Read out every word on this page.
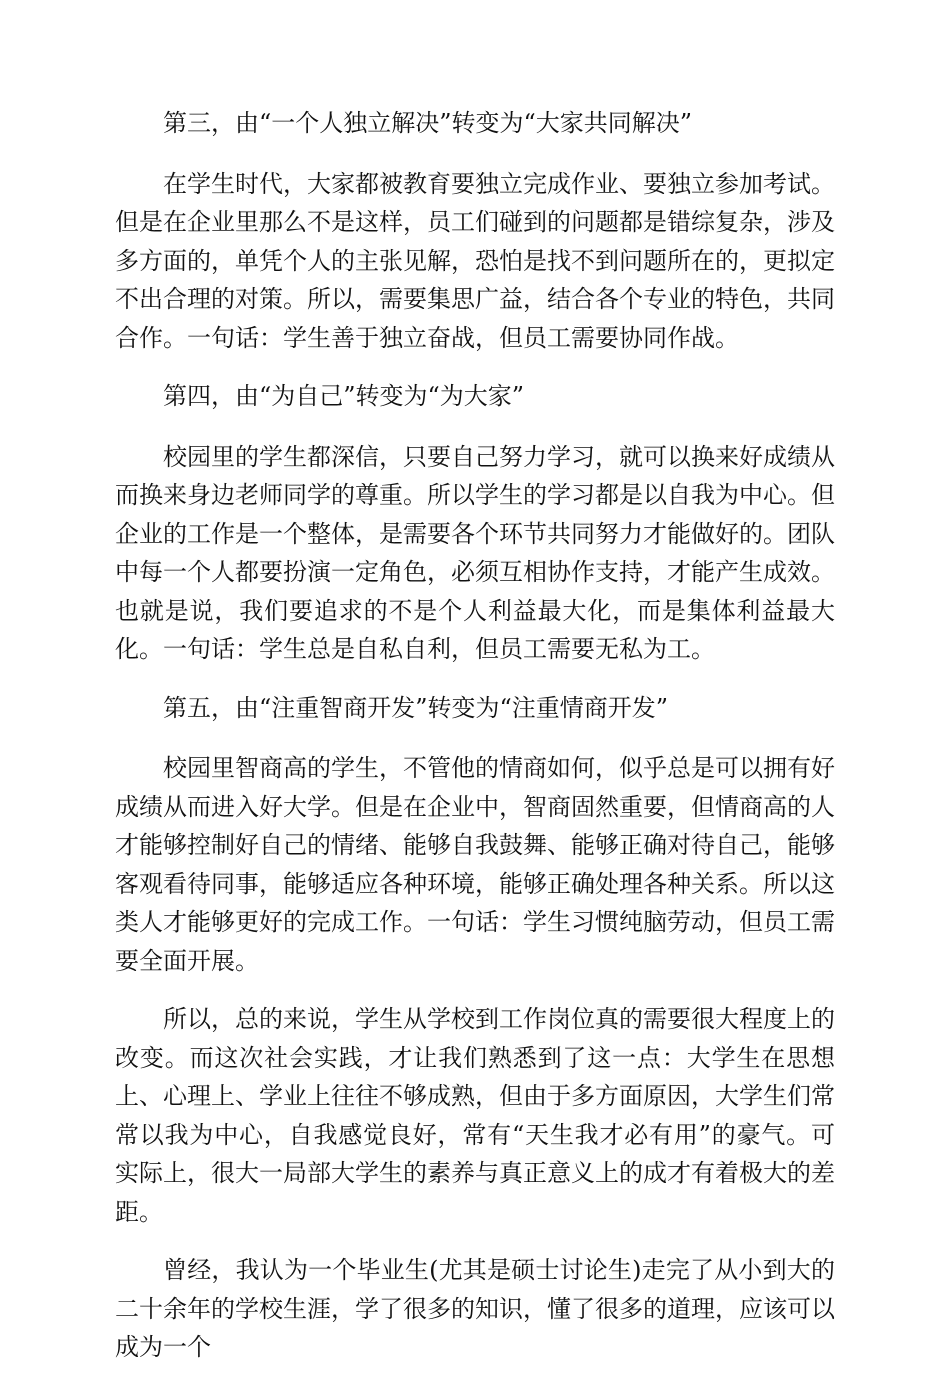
第三，由“一个人独立解决”转变为“大家共同解决”

在学生时代，大家都被教育要独立完成作业、要独立参加考试。但是在企业里那么不是这样，员工们碰到的问题都是错综复杂，涉及多方面的，单凭个人的主张见解，恐怕是找不到问题所在的，更拟定不出合理的对策。所以，需要集思广益，结合各个专业的特色，共同合作。一句话：学生善于独立奋战，但员工需要协同作战。

第四，由“为自己”转变为“为大家”

校园里的学生都深信，只要自己努力学习，就可以换来好成绩从而换来身边老师同学的尊重。所以学生的学习都是以自我为中心。但企业的工作是一个整体，是需要各个环节共同努力才能做好的。团队中每一个人都要扮演一定角色，必须互相协作支持，才能产生成效。也就是说，我们要追求的不是个人利益最大化，而是集体利益最大化。一句话：学生总是自私自利，但员工需要无私为工。

第五，由“注重智商开发”转变为“注重情商开发”

校园里智商高的学生，不管他的情商如何，似乎总是可以拥有好成绩从而进入好大学。但是在企业中，智商固然重要，但情商高的人才能够控制好自己的情绪、能够自我鼓舞、能够正确对待自己，能够客观看待同事，能够适应各种环境，能够正确处理各种关系。所以这类人才能够更好的完成工作。一句话：学生习惯纯脑劳动，但员工需要全面开展。

所以，总的来说，学生从学校到工作岗位真的需要很大程度上的改变。而这次社会实践，才让我们熟悉到了这一点：大学生在思想上、心理上、学业上往往不够成熟，但由于多方面原因，大学生们常常以我为中心，自我感觉良好，常有“天生我才必有用”的豪气。可实际上，很大一局部大学生的素养与真正意义上的成才有着极大的差距。

曾经，我认为一个毕业生(尤其是硕士讨论生)走完了从小到大的二十余年的学校生涯，学了很多的知识，懂了很多的道理，应该可以成为一个
